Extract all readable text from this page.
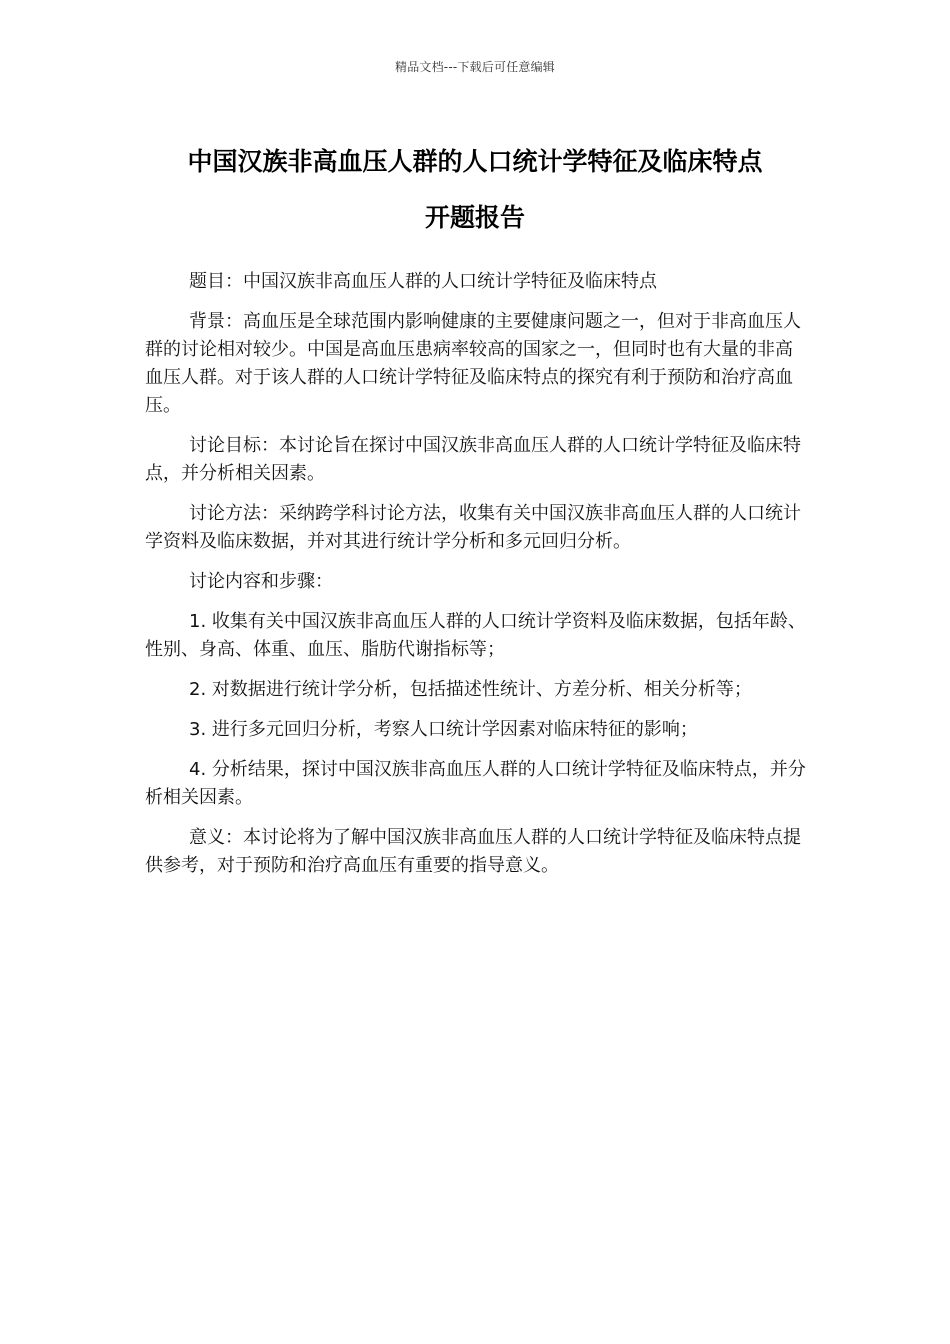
精品文档---下载后可任意编辑
中国汉族非高血压人群的人口统计学特征及临床特点
开题报告

题目：中国汉族非高血压人群的人口统计学特征及临床特点

背景：高血压是全球范围内影响健康的主要健康问题之一，但对于非高血压人群的讨论相对较少。中国是高血压患病率较高的国家之一，但同时也有大量的非高血压人群。对于该人群的人口统计学特征及临床特点的探究有利于预防和治疗高血压。

讨论目标：本讨论旨在探讨中国汉族非高血压人群的人口统计学特征及临床特点，并分析相关因素。

讨论方法：采纳跨学科讨论方法，收集有关中国汉族非高血压人群的人口统计学资料及临床数据，并对其进行统计学分析和多元回归分析。

讨论内容和步骤：

1. 收集有关中国汉族非高血压人群的人口统计学资料及临床数据，包括年龄、性别、身高、体重、血压、脂肪代谢指标等；

2. 对数据进行统计学分析，包括描述性统计、方差分析、相关分析等；

3. 进行多元回归分析，考察人口统计学因素对临床特征的影响；

4. 分析结果，探讨中国汉族非高血压人群的人口统计学特征及临床特点，并分析相关因素。

意义：本讨论将为了解中国汉族非高血压人群的人口统计学特征及临床特点提供参考，对于预防和治疗高血压有重要的指导意义。
